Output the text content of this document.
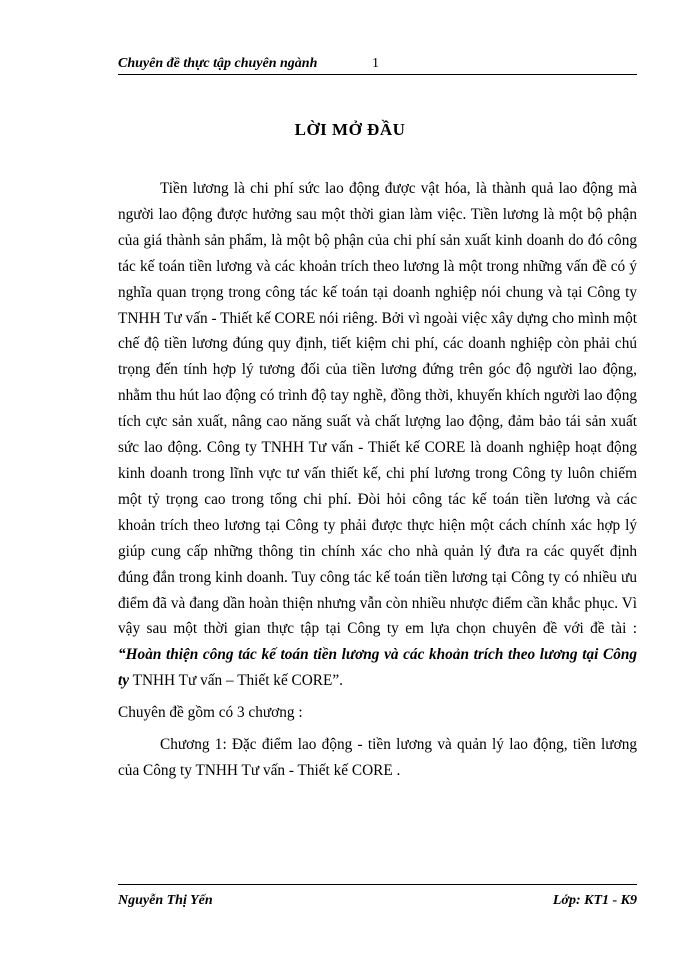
Chuyên đề thực tập chuyên ngành	1
LỜI MỞ ĐẦU

Tiền lương là chi phí sức lao động được vật hóa, là thành quả lao động mà người lao động được hưởng sau một thời gian làm việc. Tiền lương là một bộ phận của giá thành sản phẩm, là một bộ phận của chi phí sản xuất kinh doanh do đó công tác kế toán tiền lương và các khoản trích theo lương là một trong những vấn đề có ý nghĩa quan trọng trong công tác kế toán tại doanh nghiệp nói chung và tại Công ty TNHH Tư vấn - Thiết kế CORE nói riêng. Bởi vì ngoài việc xây dựng cho mình một chế độ tiền lương đúng quy định, tiết kiệm chi phí, các doanh nghiệp còn phải chú trọng đến tính hợp lý tương đối của tiền lương đứng trên góc độ người lao động, nhằm thu hút lao động có trình độ tay nghề, đồng thời, khuyến khích người lao động tích cực sản xuất, nâng cao năng suất và chất lượng lao động, đảm bảo tái sản xuất sức lao động. Công ty TNHH Tư vấn - Thiết kế CORE là doanh nghiệp hoạt động kinh doanh trong lĩnh vực tư vấn thiết kế, chi phí lương trong Công ty luôn chiếm một tỷ trọng cao trong tổng chi phí. Đòi hỏi công tác kế toán tiền lương và các khoản trích theo lương tại Công ty phải được thực hiện một cách chính xác hợp lý giúp cung cấp những thông tin chính xác cho nhà quản lý đưa ra các quyết định đúng đắn trong kinh doanh. Tuy công tác kế toán tiền lương tại Công ty có nhiều ưu điểm đã và đang dần hoàn thiện nhưng vẫn còn nhiều nhược điểm cần khắc phục. Vì vậy sau một thời gian thực tập tại Công ty em lựa chọn chuyên đề với đề tài : “Hoàn thiện công tác kế toán tiền lương và các khoản trích theo lương tại Công ty TNHH Tư vấn – Thiết kế CORE”.

Chuyên đề gồm có 3 chương :

Chương 1: Đặc điểm lao động - tiền lương và quản lý lao động, tiền lương của Công ty TNHH Tư vấn - Thiết kế CORE .

Nguyễn Thị Yến	Lớp: KT1 - K9
